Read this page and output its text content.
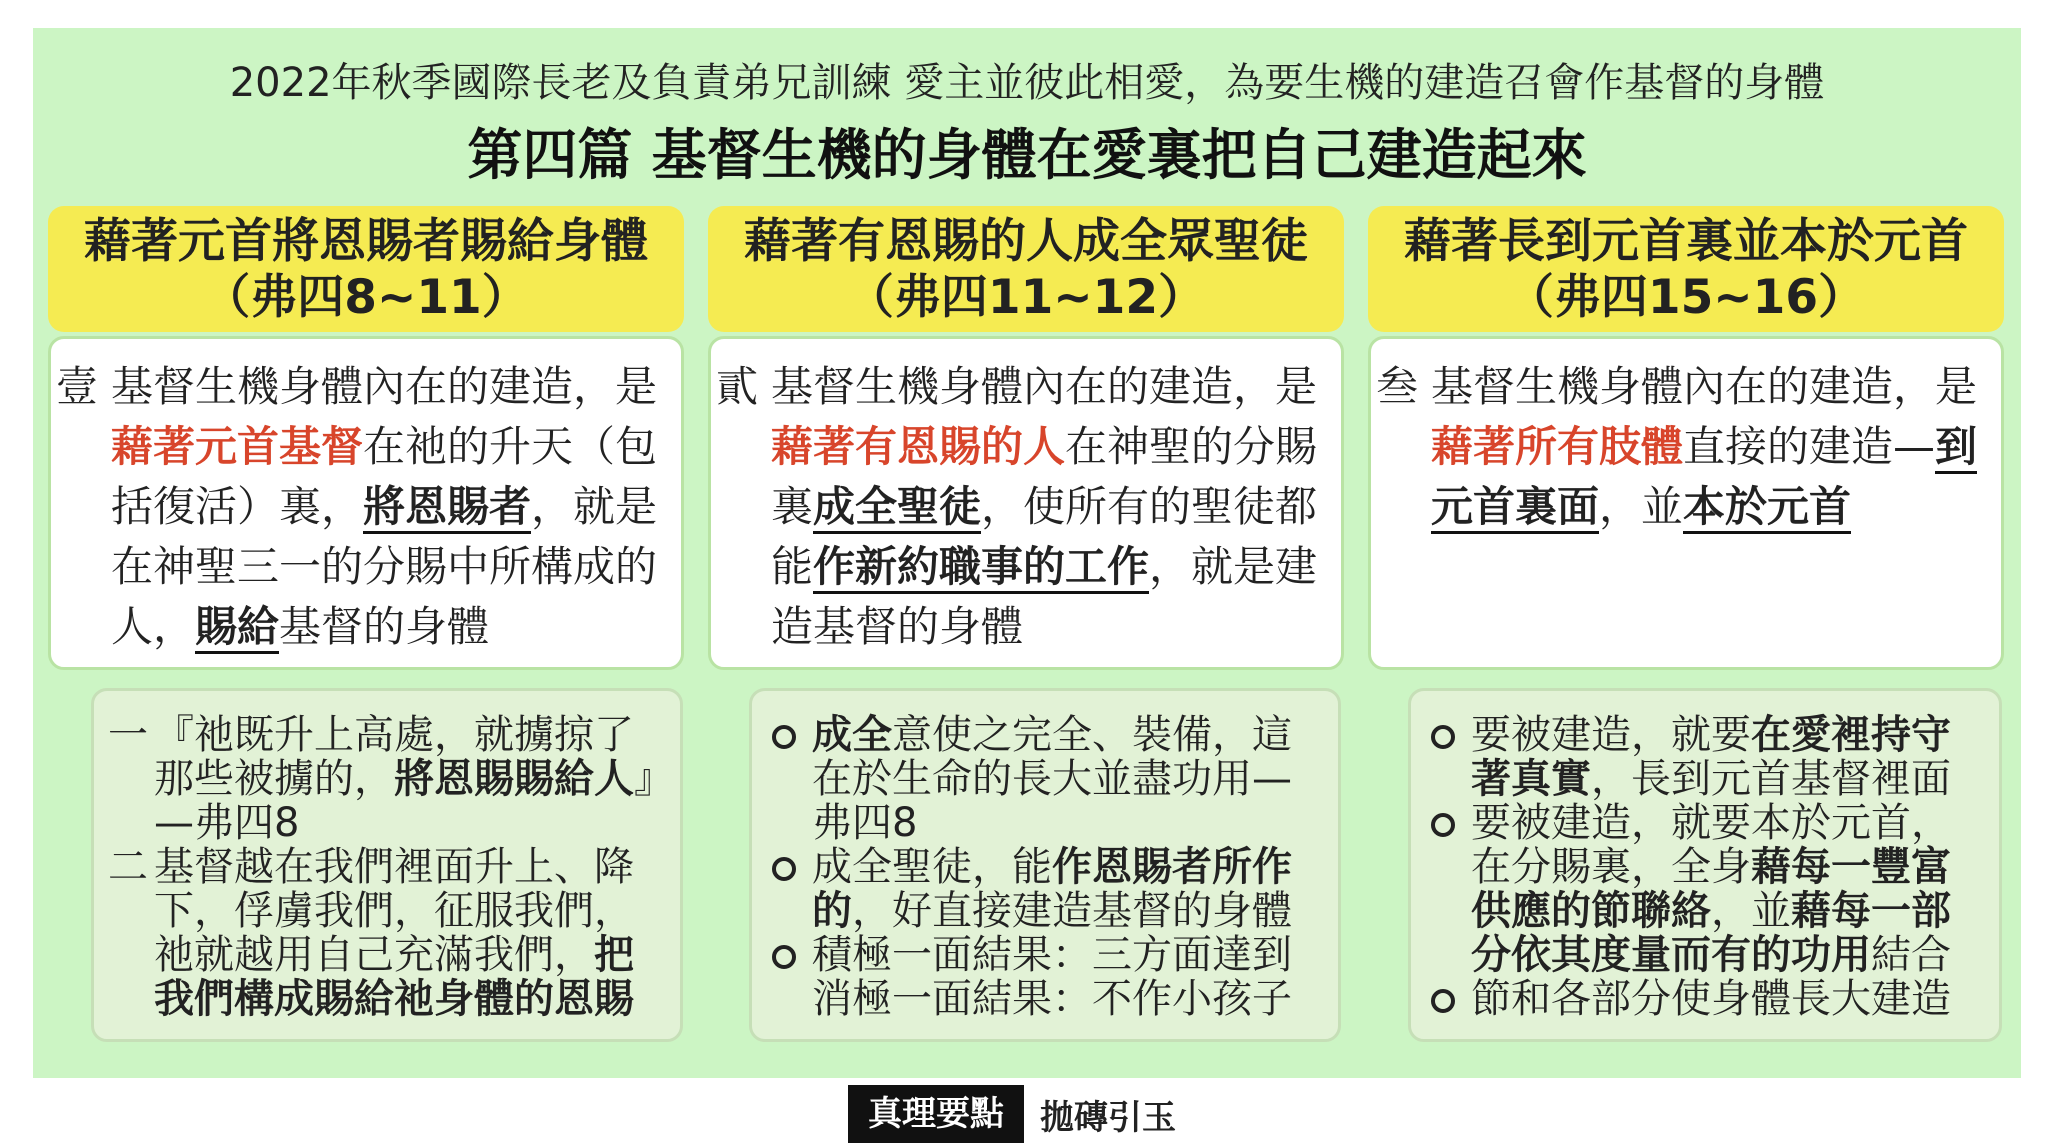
2022年秋季國際長老及負責弟兄訓練 愛主並彼此相愛，為要生機的建造召會作基督的身體
第四篇 基督生機的身體在愛裏把自己建造起來
藉著元首將恩賜者賜給身體
（弗四8~11）
壹 基督生機身體內在的建造，是藉著元首基督在祂的升天（包括復活）裏，將恩賜者，就是在神聖三一的分賜中所構成的人，賜給基督的身體
一 『祂既升上高處，就擄掠了那些被擄的，將恩賜賜給人』—弗四8
二 基督越在我們裡面升上、降下，俘虜我們，征服我們，祂就越用自己充滿我們，把我們構成賜給祂身體的恩賜
藉著有恩賜的人成全眾聖徒
（弗四11~12）
貳 基督生機身體內在的建造，是藉著有恩賜的人在神聖的分賜裏成全聖徒，使所有的聖徒都能作新約職事的工作，就是建造基督的身體
成全意使之完全、裝備，這在於生命的長大並盡功用—弗四8
成全聖徒，能作恩賜者所作的，好直接建造基督的身體
積極一面結果：三方面達到
消極一面結果：不作小孩子
藉著長到元首裏並本於元首
（弗四15~16）
叁 基督生機身體內在的建造，是藉著所有肢體直接的建造—到元首裏面，並本於元首
要被建造，就要在愛裡持守著真實，長到元首基督裡面
要被建造，就要本於元首，在分賜裏，全身藉每一豐富供應的節聯絡，並藉每一部分依其度量而有的功用結合
節和各部分使身體長大建造
真理要點	拋磚引玉
